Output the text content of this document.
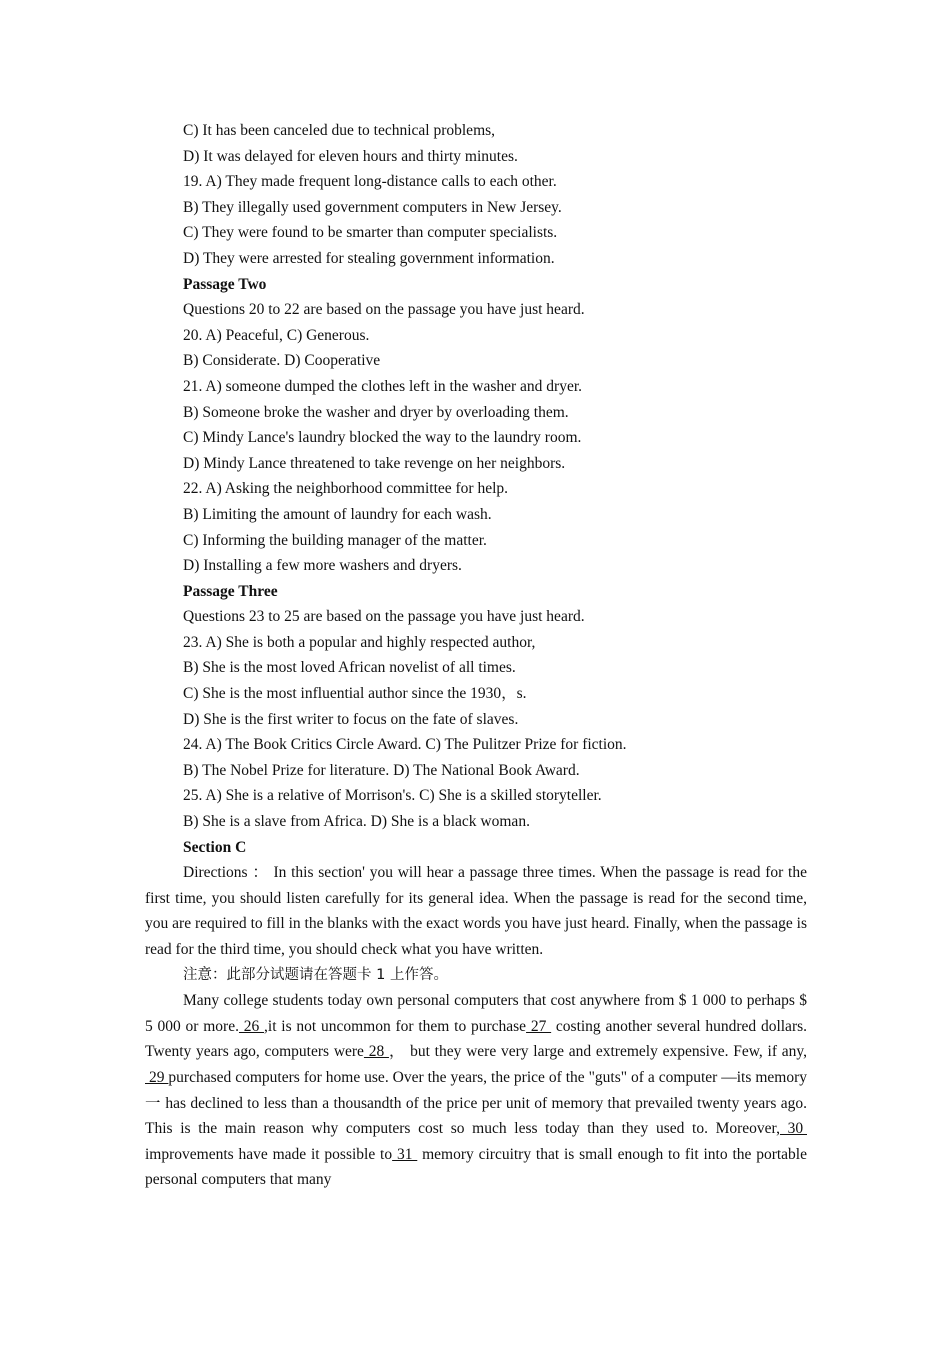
C) It has been canceled due to technical problems,
D) It was delayed for eleven hours and thirty minutes.
19. A) They made frequent long-distance calls to each other.
B) They illegally used government computers in New Jersey.
C) They were found to be smarter than computer specialists.
D) They were arrested for stealing government information.
Passage Two
Questions 20 to 22 are based on the passage you have just heard.
20. A) Peaceful, C) Generous.
B) Considerate. D) Cooperative
21. A) someone dumped the clothes left in the washer and dryer.
B) Someone broke the washer and dryer by overloading them.
C) Mindy Lance's laundry blocked the way to the laundry room.
D) Mindy Lance threatened to take revenge on her neighbors.
22. A) Asking the neighborhood committee for help.
B) Limiting the amount of laundry for each wash.
C) Informing the building manager of the matter.
D) Installing a few more washers and dryers.
Passage Three
Questions 23 to 25 are based on the passage you have just heard.
23. A) She is both a popular and highly respected author,
B) She is the most loved African novelist of all times.
C) She is the most influential author since the 1930，s.
D) She is the first writer to focus on the fate of slaves.
24. A) The Book Critics Circle Award. C) The Pulitzer Prize for fiction.
B) The Nobel Prize for literature. D) The National Book Award.
25. A) She is a relative of Morrison's. C) She is a skilled storyteller.
B) She is a slave from Africa. D) She is a black woman.
Section C

Directions ： In this section' you will hear a passage three times. When the passage is read for the first time, you should listen carefully for its general idea. When the passage is read for the second time, you are required to fill in the blanks with the exact words you have just heard. Finally, when the passage is read for the third time, you should check what you have written.

注意：此部分试题请在答题卡 1 上作答。

Many college students today own personal computers that cost anywhere from $ 1 000 to perhaps $ 5 000 or more. 26 ,it is not uncommon for them to purchase 27  costing another several hundred dollars. Twenty years ago, computers were 28 ， but they were very large and extremely expensive. Few, if any,  29 purchased computers for home use. Over the years, the price of the "guts" of a computer —its memory 一 has declined to less than a thousandth of the price per unit of memory that prevailed twenty years ago. This is the main reason why computers cost so much less today than they used to. Moreover, 30  improvements have made it possible to 31  memory circuitry that is small enough to fit into the portable personal computers that many
